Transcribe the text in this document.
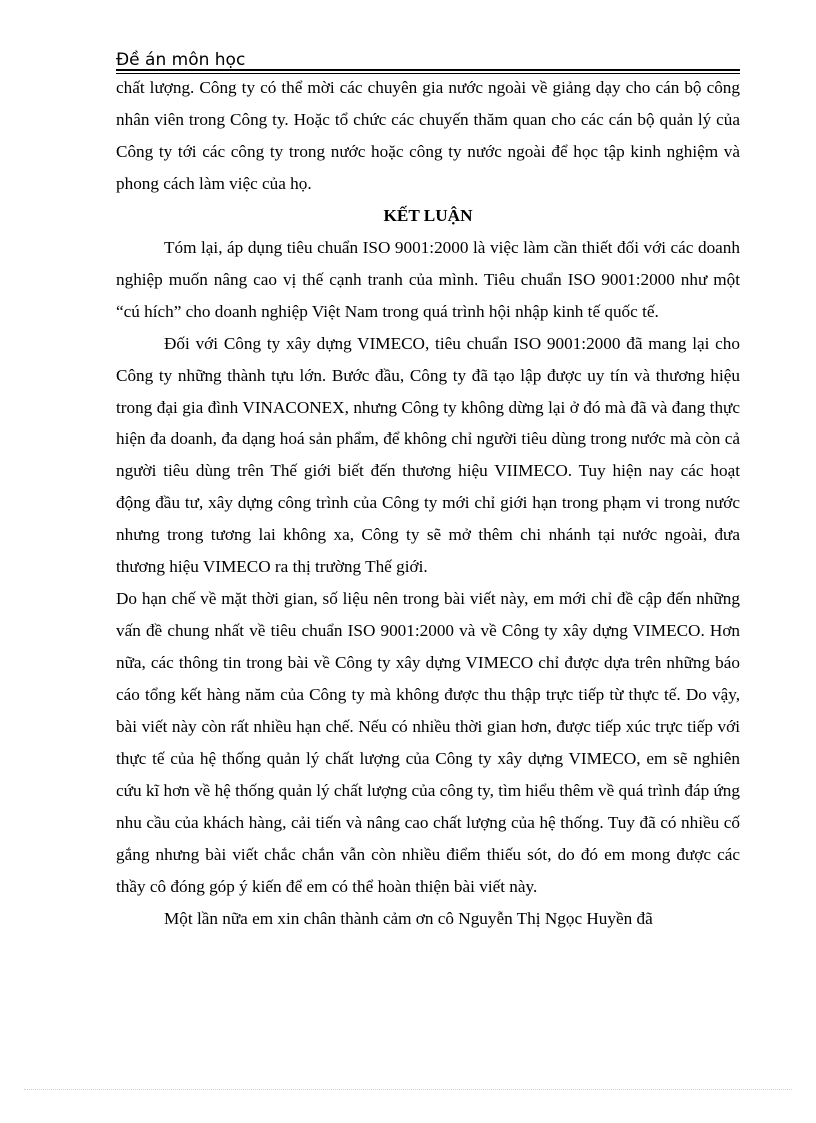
Đề án môn học

chất lượng. Công ty có thể mời các chuyên gia nước ngoài về giảng dạy cho cán bộ công nhân viên trong Công ty. Hoặc tổ chức các chuyến thăm quan cho các cán bộ quản lý của Công ty tới các công ty trong nước hoặc công ty nước ngoài để học tập kinh nghiệm và phong cách làm việc của họ.

KẾT LUẬN

Tóm lại, áp dụng tiêu chuẩn ISO 9001:2000 là việc làm cần thiết đối với các doanh nghiệp muốn nâng cao vị thế cạnh tranh của mình. Tiêu chuẩn ISO 9001:2000 như một “cú hích” cho doanh nghiệp Việt Nam trong quá trình hội nhập kinh tế quốc tế.

Đối với Công ty xây dựng VIMECO, tiêu chuẩn ISO 9001:2000 đã mang lại cho Công ty những thành tựu lớn. Bước đầu, Công ty đã tạo lập được uy tín và thương hiệu trong đại gia đình VINACONEX, nhưng Công ty không dừng lại ở đó mà đã và đang thực hiện đa doanh, đa dạng hoá sản phẩm, để không chỉ người tiêu dùng trong nước mà còn cả người tiêu dùng trên Thế giới biết đến thương hiệu VIIMECO. Tuy hiện nay các hoạt động đầu tư, xây dựng công trình của Công ty mới chỉ giới hạn trong phạm vi trong nước nhưng trong tương lai không xa, Công ty sẽ mở thêm chi nhánh tại nước ngoài, đưa thương hiệu VIMECO ra thị trường Thế giới.

Do hạn chế về mặt thời gian, số liệu nên trong bài viết này, em mới chỉ đề cập đến những vấn đề chung nhất về tiêu chuẩn ISO 9001:2000 và về Công ty xây dựng VIMECO. Hơn nữa, các thông tin trong bài về Công ty xây dựng VIMECO chỉ được dựa trên những báo cáo tổng kết hàng năm của Công ty mà không được thu thập trực tiếp từ thực tế. Do vậy, bài viết này còn rất nhiều hạn chế. Nếu có nhiều thời gian hơn, được tiếp xúc trực tiếp với thực tế của hệ thống quản lý chất lượng của Công ty xây dựng VIMECO, em sẽ nghiên cứu kĩ hơn về hệ thống quản lý chất lượng của công ty, tìm hiểu thêm về quá trình đáp ứng nhu cầu của khách hàng, cải tiến và nâng cao chất lượng của hệ thống. Tuy đã có nhiều cố gắng nhưng bài viết chắc chắn vẫn còn nhiều điểm thiếu sót, do đó em mong được các thầy cô đóng góp ý kiến để em có thể hoàn thiện bài viết này.

Một lần nữa em xin chân thành cảm ơn cô Nguyễn Thị Ngọc Huyền đã
